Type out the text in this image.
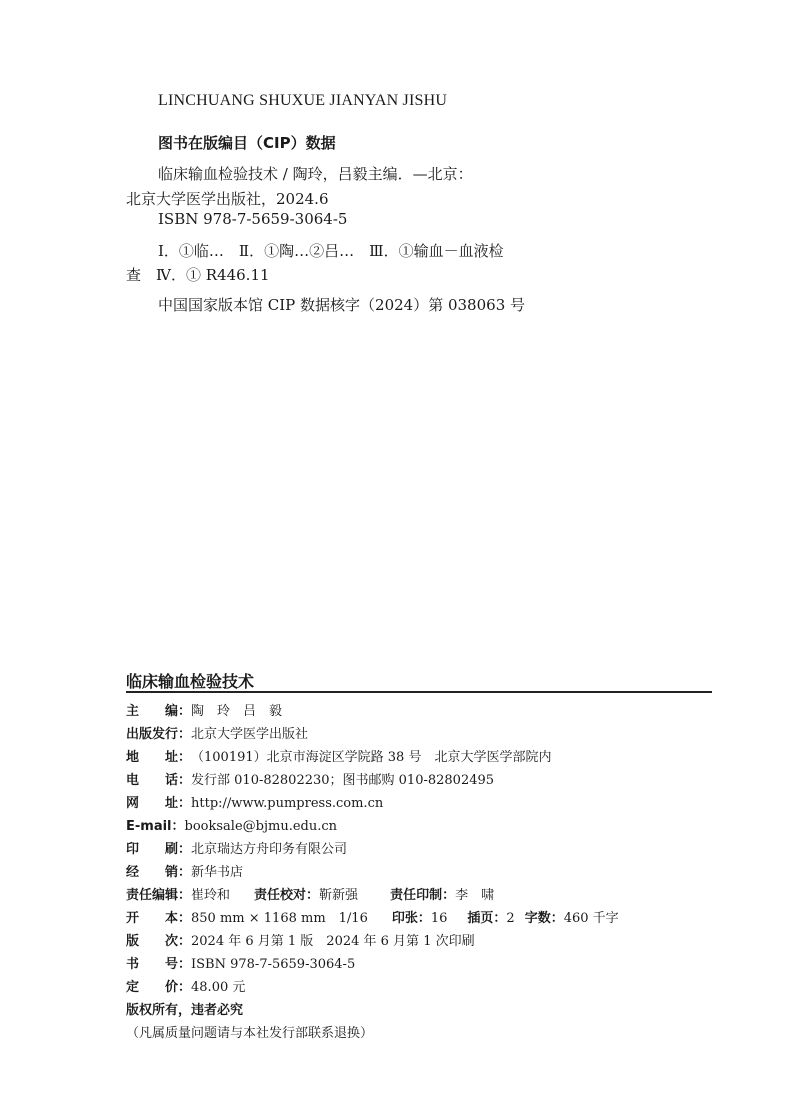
LINCHUANG SHUXUE JIANYAN JISHU
图书在版编目（CIP）数据
临床输血检验技术 / 陶玲，吕毅主编．—北京：
北京大学医学出版社，2024.6
ISBN 978-7-5659-3064-5
Ⅰ．①临…　Ⅱ．①陶…②吕…　Ⅲ．①输血－血液检
查　Ⅳ．① R446.11
中国国家版本馆 CIP 数据核字（2024）第 038063 号
临床输血检验技术
主　　编： 陶　玲　吕　毅
出版发行： 北京大学医学出版社
地　　址： （100191）北京市海淀区学院路 38 号　北京大学医学部院内
电　　话： 发行部 010-82802230；图书邮购 010-82802495
网　　址： http://www.pumpress.com.cn
E-mail： booksale@bjmu.edu.cn
印　　刷： 北京瑞达方舟印务有限公司
经　　销： 新华书店
责任编辑： 崔玲和 责任校对： 靳新强 责任印制： 李　啸
开　　本： 850 mm × 1168 mm　1/16 印张： 16 插页： 2 字数： 460 千字
版　　次： 2024 年 6 月第 1 版　2024 年 6 月第 1 次印刷
书　　号： ISBN 978-7-5659-3064-5
定　　价： 48.00 元
版权所有，违者必究
（凡属质量问题请与本社发行部联系退换）
